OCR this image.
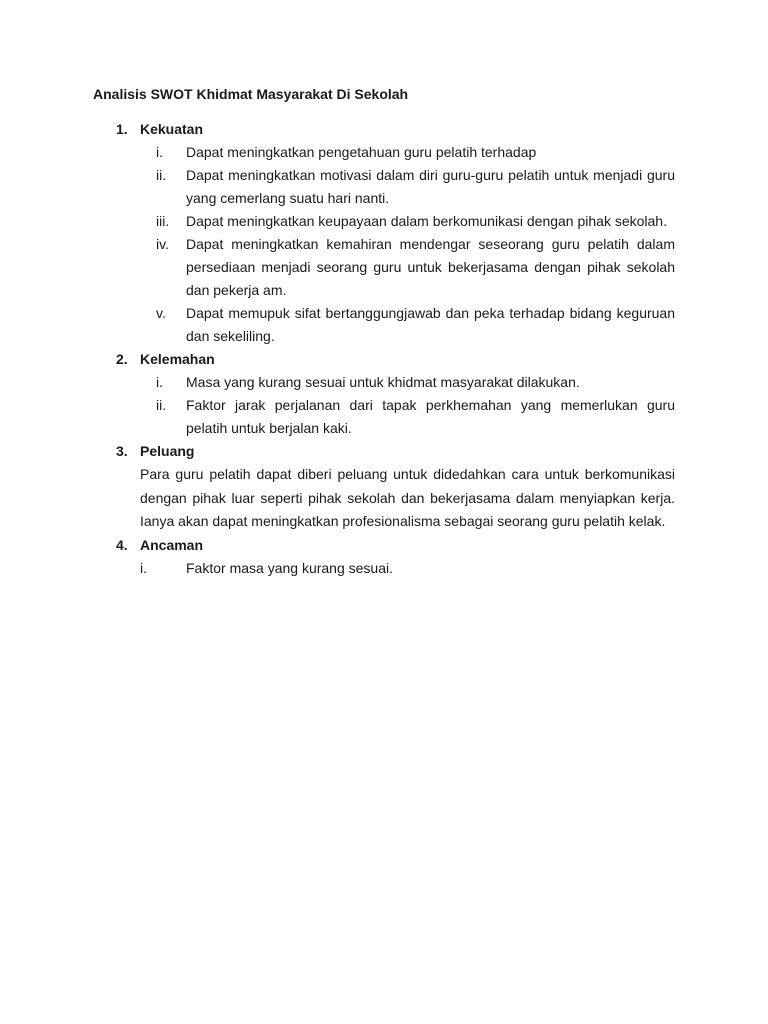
Analisis SWOT Khidmat Masyarakat Di Sekolah
1. Kekuatan
i.	Dapat meningkatkan pengetahuan guru pelatih terhadap
ii.	Dapat meningkatkan motivasi dalam diri guru-guru pelatih untuk menjadi guru yang cemerlang suatu hari nanti.
iii.	Dapat meningkatkan keupayaan dalam berkomunikasi dengan pihak sekolah.
iv.	Dapat meningkatkan kemahiran mendengar seseorang guru pelatih dalam persediaan menjadi seorang guru untuk bekerjasama dengan pihak sekolah dan pekerja am.
v.	Dapat memupuk sifat bertanggungjawab dan peka terhadap bidang keguruan dan sekeliling.
2. Kelemahan
i.	Masa yang kurang sesuai untuk khidmat masyarakat dilakukan.
ii.	Faktor jarak perjalanan dari tapak perkhemahan yang memerlukan guru pelatih untuk berjalan kaki.
3. Peluang
Para guru pelatih dapat diberi peluang untuk didedahkan cara untuk berkomunikasi dengan pihak luar seperti pihak sekolah dan bekerjasama dalam menyiapkan kerja. Ianya akan dapat meningkatkan profesionalisma sebagai seorang guru pelatih kelak.
4. Ancaman
i.	Faktor masa yang kurang sesuai.
